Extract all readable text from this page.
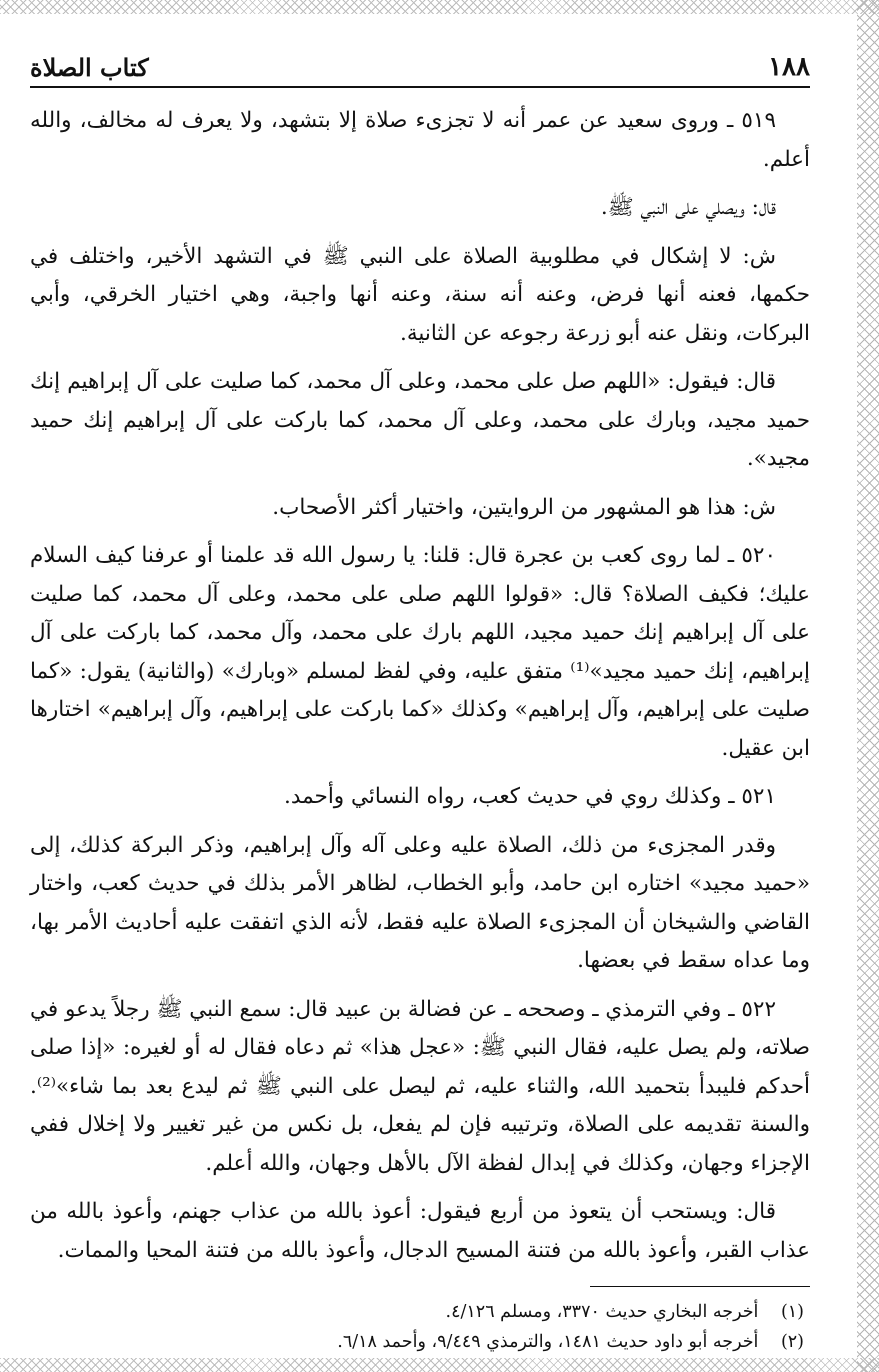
١٨٨
كتاب الصلاة

٥١٩ ـ وروى سعيد عن عمر أنه لا تجزىء صلاة إلا بتشهد، ولا يعرف له مخالف، والله أعلم.

قال: ويصلي على النبي ﷺ.

ش: لا إشكال في مطلوبية الصلاة على النبي ﷺ في التشهد الأخير، واختلف في حكمها، فعنه أنها فرض، وعنه أنه سنة، وعنه أنها واجبة، وهي اختيار الخرقي، وأبي البركات، ونقل عنه أبو زرعة رجوعه عن الثانية.

قال: فيقول: «اللهم صل على محمد، وعلى آل محمد، كما صليت على آل إبراهيم إنك حميد مجيد، وبارك على محمد، وعلى آل محمد، كما باركت على آل إبراهيم إنك حميد مجيد».

ش: هذا هو المشهور من الروايتين، واختيار أكثر الأصحاب.

٥٢٠ ـ لما روى كعب بن عجرة قال: قلنا: يا رسول الله قد علمنا أو عرفنا كيف السلام عليك؛ فكيف الصلاة؟ قال: «قولوا اللهم صلى على محمد، وعلى آل محمد، كما صليت على آل إبراهيم إنك حميد مجيد، اللهم بارك على محمد، وآل محمد، كما باركت على آل إبراهيم، إنك حميد مجيد»⁽¹⁾ متفق عليه، وفي لفظ لمسلم «وبارك» (والثانية) يقول: «كما صليت على إبراهيم، وآل إبراهيم» وكذلك «كما باركت على إبراهيم، وآل إبراهيم» اختارها ابن عقيل.

٥٢١ ـ وكذلك روي في حديث كعب، رواه النسائي وأحمد.

وقدر المجزىء من ذلك، الصلاة عليه وعلى آله وآل إبراهيم، وذكر البركة كذلك، إلى «حميد مجيد» اختاره ابن حامد، وأبو الخطاب، لظاهر الأمر بذلك في حديث كعب، واختار القاضي والشيخان أن المجزىء الصلاة عليه فقط، لأنه الذي اتفقت عليه أحاديث الأمر بها، وما عداه سقط في بعضها.

٥٢٢ ـ وفي الترمذي ـ وصححه ـ عن فضالة بن عبيد قال: سمع النبي ﷺ رجلاً يدعو في صلاته، ولم يصل عليه، فقال النبي ﷺ: «عجل هذا» ثم دعاه فقال له أو لغيره: «إذا صلى أحدكم فليبدأ بتحميد الله، والثناء عليه، ثم ليصل على النبي ﷺ ثم ليدع بعد بما شاء»⁽²⁾. والسنة تقديمه على الصلاة، وترتيبه فإن لم يفعل، بل نكس من غير تغيير ولا إخلال ففي الإجزاء وجهان، وكذلك في إبدال لفظة الآل بالأهل وجهان، والله أعلم.

قال: ويستحب أن يتعوذ من أربع فيقول: أعوذ بالله من عذاب جهنم، وأعوذ بالله من عذاب القبر، وأعوذ بالله من فتنة المسيح الدجال، وأعوذ بالله من فتنة المحيا والممات.

(١) أخرجه البخاري حديث ٣٣٧٠، ومسلم ٤/١٢٦.
(٢) أخرجه أبو داود حديث ١٤٨١، والترمذي ٩/٤٤٩، وأحمد ٦/١٨.
